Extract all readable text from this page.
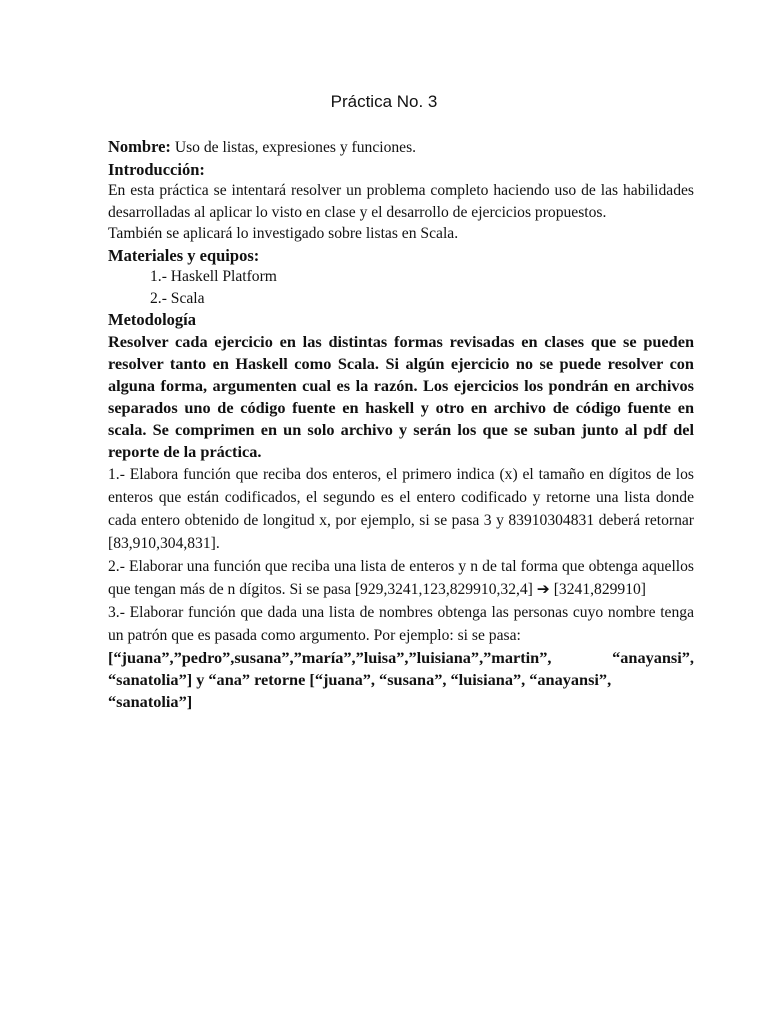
Práctica No. 3

Nombre: Uso de listas, expresiones y funciones.

Introducción:

En esta práctica se intentará resolver un problema completo haciendo uso de las habilidades desarrolladas al aplicar lo visto en clase y el desarrollo de ejercicios propuestos.

También se aplicará lo investigado sobre listas en Scala.

Materiales y equipos:

1.- Haskell Platform

2.- Scala

Metodología

Resolver cada ejercicio en las distintas formas revisadas en clases que se pueden resolver tanto en Haskell como Scala. Si algún ejercicio no se puede resolver con alguna forma, argumenten cual es la razón. Los ejercicios los pondrán en archivos separados uno de código fuente en haskell y otro en archivo de código fuente en scala. Se comprimen en un solo archivo y serán los que se suban junto al pdf del reporte de la práctica.

1.- Elabora función que reciba dos enteros, el primero indica (x) el tamaño en dígitos de los enteros que están codificados, el segundo es el entero codificado y retorne una lista donde cada entero obtenido de longitud x, por ejemplo, si se pasa 3 y 83910304831 deberá retornar [83,910,304,831].

2.- Elaborar una función que reciba una lista de enteros y n de tal forma que obtenga aquellos que tengan más de n dígitos. Si se pasa [929,3241,123,829910,32,4] ➔ [3241,829910]

3.- Elaborar función que dada una lista de nombres obtenga las personas cuyo nombre tenga un patrón que es pasada como argumento. Por ejemplo: si se pasa:

[“juana”,”pedro”,susana”,”maría”,”luisa”,”luisiana”,”martin”, “anayansi”,

“sanatolia”] y “ana” retorne [“juana”, “susana”, “luisiana”, “anayansi”, “sanatolia”]
